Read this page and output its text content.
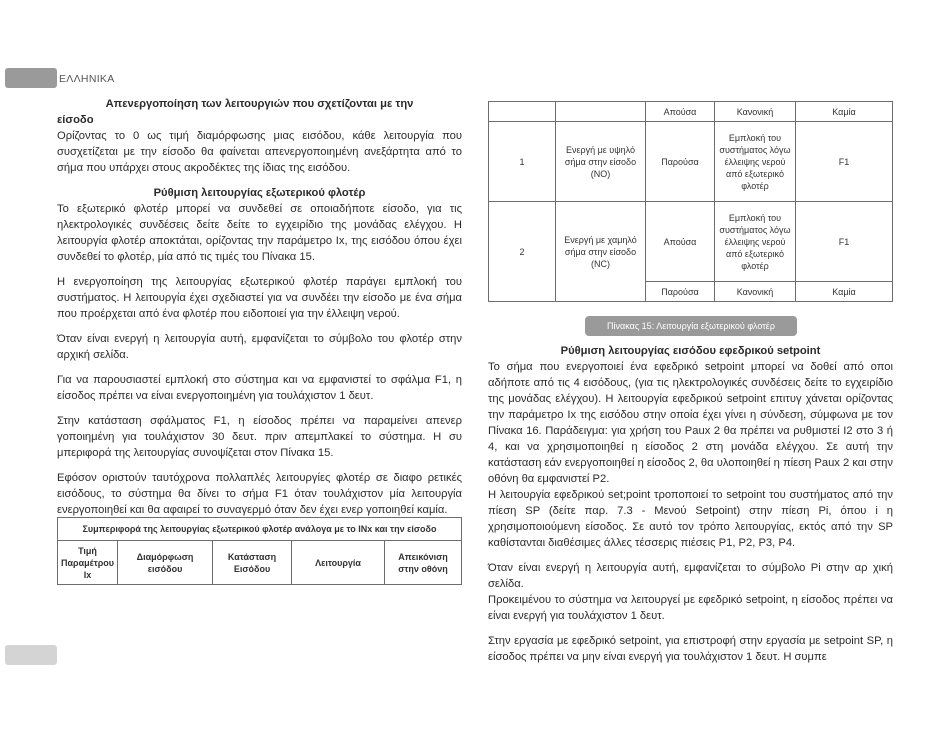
ΕΛΛΗΝΙΚΑ

Απενεργοποίηση των λειτουργιών που σχετίζονται με την

είσοδο

Ορίζοντας το 0 ως τιμή διαμόρφωσης μιας εισόδου, κάθε λειτουργία που συσχετίζεται με την είσοδο θα φαίνεται απενεργοποιημένη ανεξάρτητα από το σήμα που υπάρχει στους ακροδέκτες της ίδιας της εισόδου.

Ρύθμιση λειτουργίας εξωτερικού φλοτέρ

Το εξωτερικό φλοτέρ μπορεί να συνδεθεί σε οποιαδήποτε είσοδο, για τις ηλεκτρολογικές συνδέσεις δείτε δείτε το εγχειρίδιο της μονάδας ελέγχου. Η λειτουργία φλοτέρ αποκτάται, ορίζοντας την παράμετρο Ix, της εισόδου όπου έχει συνδεθεί το φλοτέρ, μία από τις τιμές του Πίνακα 15.

Η ενεργοποίηση της λειτουργίας εξωτερικού φλοτέρ παράγει εμπλοκή του συστήματος. Η λειτουργία έχει σχεδιαστεί για να συνδέει την είσοδο με ένα σήμα που προέρχεται από ένα φλοτέρ που ειδοποιεί για την έλλειψη νερού.

Όταν είναι ενεργή η λειτουργία αυτή, εμφανίζεται το σύμβολο του φλοτέρ στην αρχική σελίδα.

Για να παρουσιαστεί εμπλοκή στο σύστημα και να εμφανιστεί το σφάλμα F1, η είσοδος πρέπει να είναι ενεργοποιημένη για τουλάχιστον 1 δευτ.

Στην κατάσταση σφάλματος F1, η είσοδος πρέπει να παραμείνει απενερ γοποιημένη για τουλάχιστον 30 δευτ. πριν απεμπλακεί το σύστημα. Η συ μπεριφορά της λειτουργίας συνοψίζεται στον Πίνακα 15.

Εφόσον οριστούν ταυτόχρονα πολλαπλές λειτουργίες φλοτέρ σε διαφο ρετικές εισόδους, το σύστημα θα δίνει το σήμα F1 όταν τουλάχιστον μία λειτουργία ενεργοποιηθεί και θα αφαιρεί το συναγερμό όταν δεν έχει ενερ γοποιηθεί καμία.

Συμπεριφορά της λειτουργίας εξωτερικού φλοτέρ ανάλογα με το INx και την είσοδο
Τιμή Παραμέτρου Ix	Διαμόρφωση εισόδου	Κατάσταση Εισόδου	Λειτουργία	Απεικόνιση στην οθόνη
		Απούσα	Κανονική	Καμία
1	Ενεργή με υψηλό σήμα στην είσοδο (NO)	Παρούσα	Εμπλοκή του συστήματος λόγω έλλειψης νερού από εξωτερικό φλοτέρ	F1
2	Ενεργή με χαμηλό σήμα στην είσοδο (NC)	Απούσα	Εμπλοκή του συστήματος λόγω έλλειψης νερού από εξωτερικό φλοτέρ	F1
		Παρούσα	Κανονική	Καμία
Πίνακας 15: Λειτουργία εξωτερικού φλοτέρ

Ρύθμιση λειτουργίας εισόδου εφεδρικού setpoint

Το σήμα που ενεργοποιεί ένα εφεδρικό setpoint μπορεί να δοθεί από οποι αδήποτε από τις 4 εισόδους, (για τις ηλεκτρολογικές συνδέσεις δείτε το εγχειρίδιο της μονάδας ελέγχου). Η λειτουργία εφεδρικού setpoint επιτυγ χάνεται ορίζοντας την παράμετρο Ix της εισόδου στην οποία έχει γίνει η σύνδεση, σύμφωνα με τον Πίνακα 16. Παράδειγμα: για χρήση του Paux 2 θα πρέπει να ρυθμιστεί I2 στο 3 ή 4, και να χρησιμοποιηθεί η είσοδος 2 στη μονάδα ελέγχου. Σε αυτή την κατάσταση εάν ενεργοποιηθεί η είσοδος 2, θα υλοποιηθεί η πίεση Paux 2 και στην οθόνη θα εμφανιστεί P2.

Η λειτουργία εφεδρικού set;point τροποποιεί το setpoint του συστήματος από την πίεση SP (δείτε παρ. 7.3 - Μενού Setpoint) στην πίεση Pi, όπου i η χρησιμοποιούμενη είσοδος. Σε αυτό τον τρόπο λειτουργίας, εκτός από την SP καθίστανται διαθέσιμες άλλες τέσσερις πιέσεις P1, P2, P3, P4.

Όταν είναι ενεργή η λειτουργία αυτή, εμφανίζεται το σύμβολο Pi στην αρ χική σελίδα.

Προκειμένου το σύστημα να λειτουργεί με εφεδρικό setpoint, η είσοδος πρέπει να είναι ενεργή για τουλάχιστον 1 δευτ.

Στην εργασία με εφεδρικό setpoint, για επιστροφή στην εργασία με setpoint SP, η είσοδος πρέπει να μην είναι ενεργή για τουλάχιστον 1 δευτ. Η συμπε
